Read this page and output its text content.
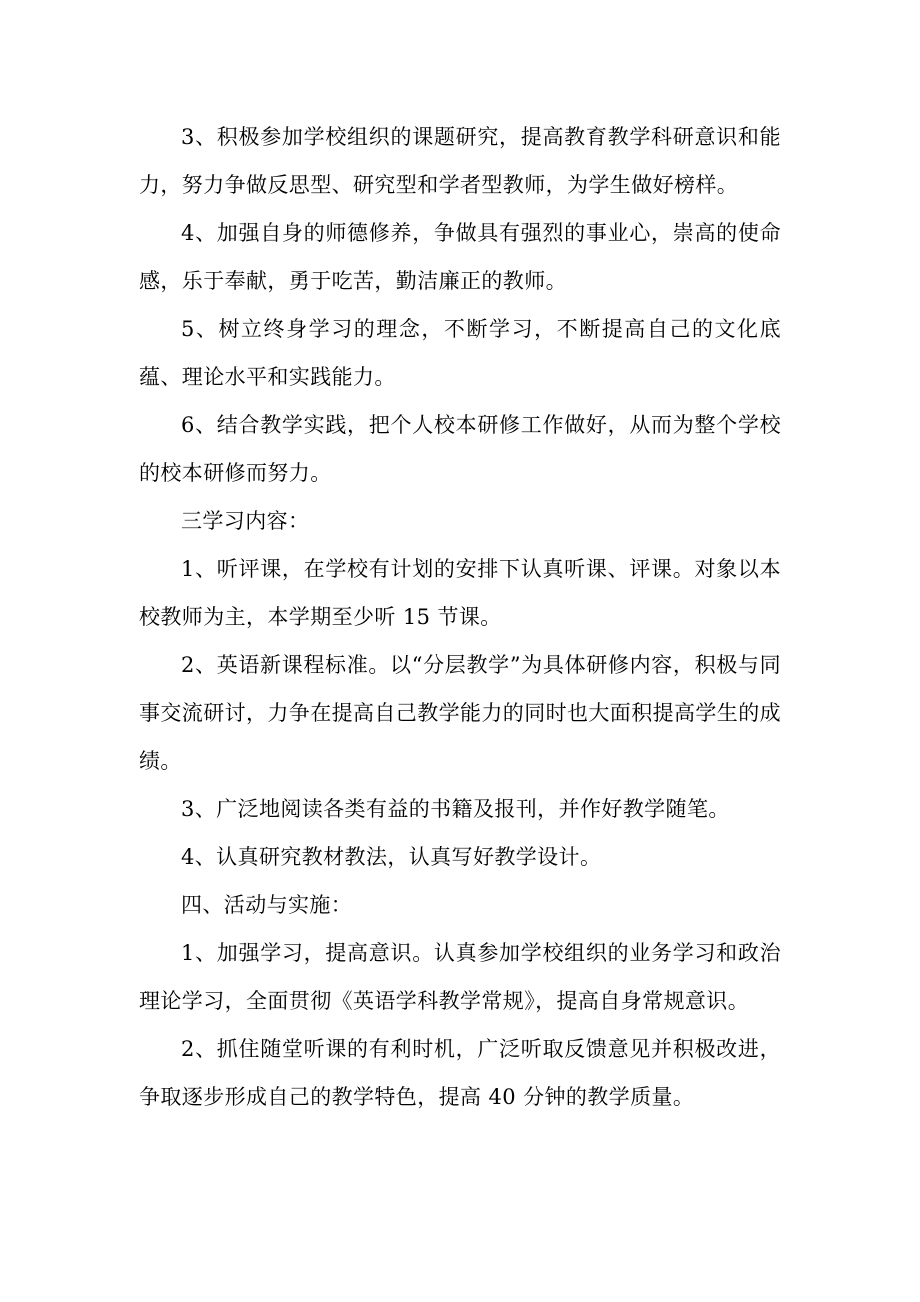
3、积极参加学校组织的课题研究，提高教育教学科研意识和能力，努力争做反思型、研究型和学者型教师，为学生做好榜样。

4、加强自身的师德修养，争做具有强烈的事业心，崇高的使命感，乐于奉献，勇于吃苦，勤洁廉正的教师。

5、树立终身学习的理念，不断学习，不断提高自己的文化底蕴、理论水平和实践能力。

6、结合教学实践，把个人校本研修工作做好，从而为整个学校的校本研修而努力。

三学习内容：

1、听评课，在学校有计划的安排下认真听课、评课。对象以本校教师为主，本学期至少听 15 节课。

2、英语新课程标准。以“分层教学”为具体研修内容，积极与同事交流研讨，力争在提高自己教学能力的同时也大面积提高学生的成绩。

3、广泛地阅读各类有益的书籍及报刊，并作好教学随笔。

4、认真研究教材教法，认真写好教学设计。

四、活动与实施：

1、加强学习，提高意识。认真参加学校组织的业务学习和政治理论学习，全面贯彻《英语学科教学常规》，提高自身常规意识。

2、抓住随堂听课的有利时机，广泛听取反馈意见并积极改进，争取逐步形成自己的教学特色，提高 40 分钟的教学质量。
